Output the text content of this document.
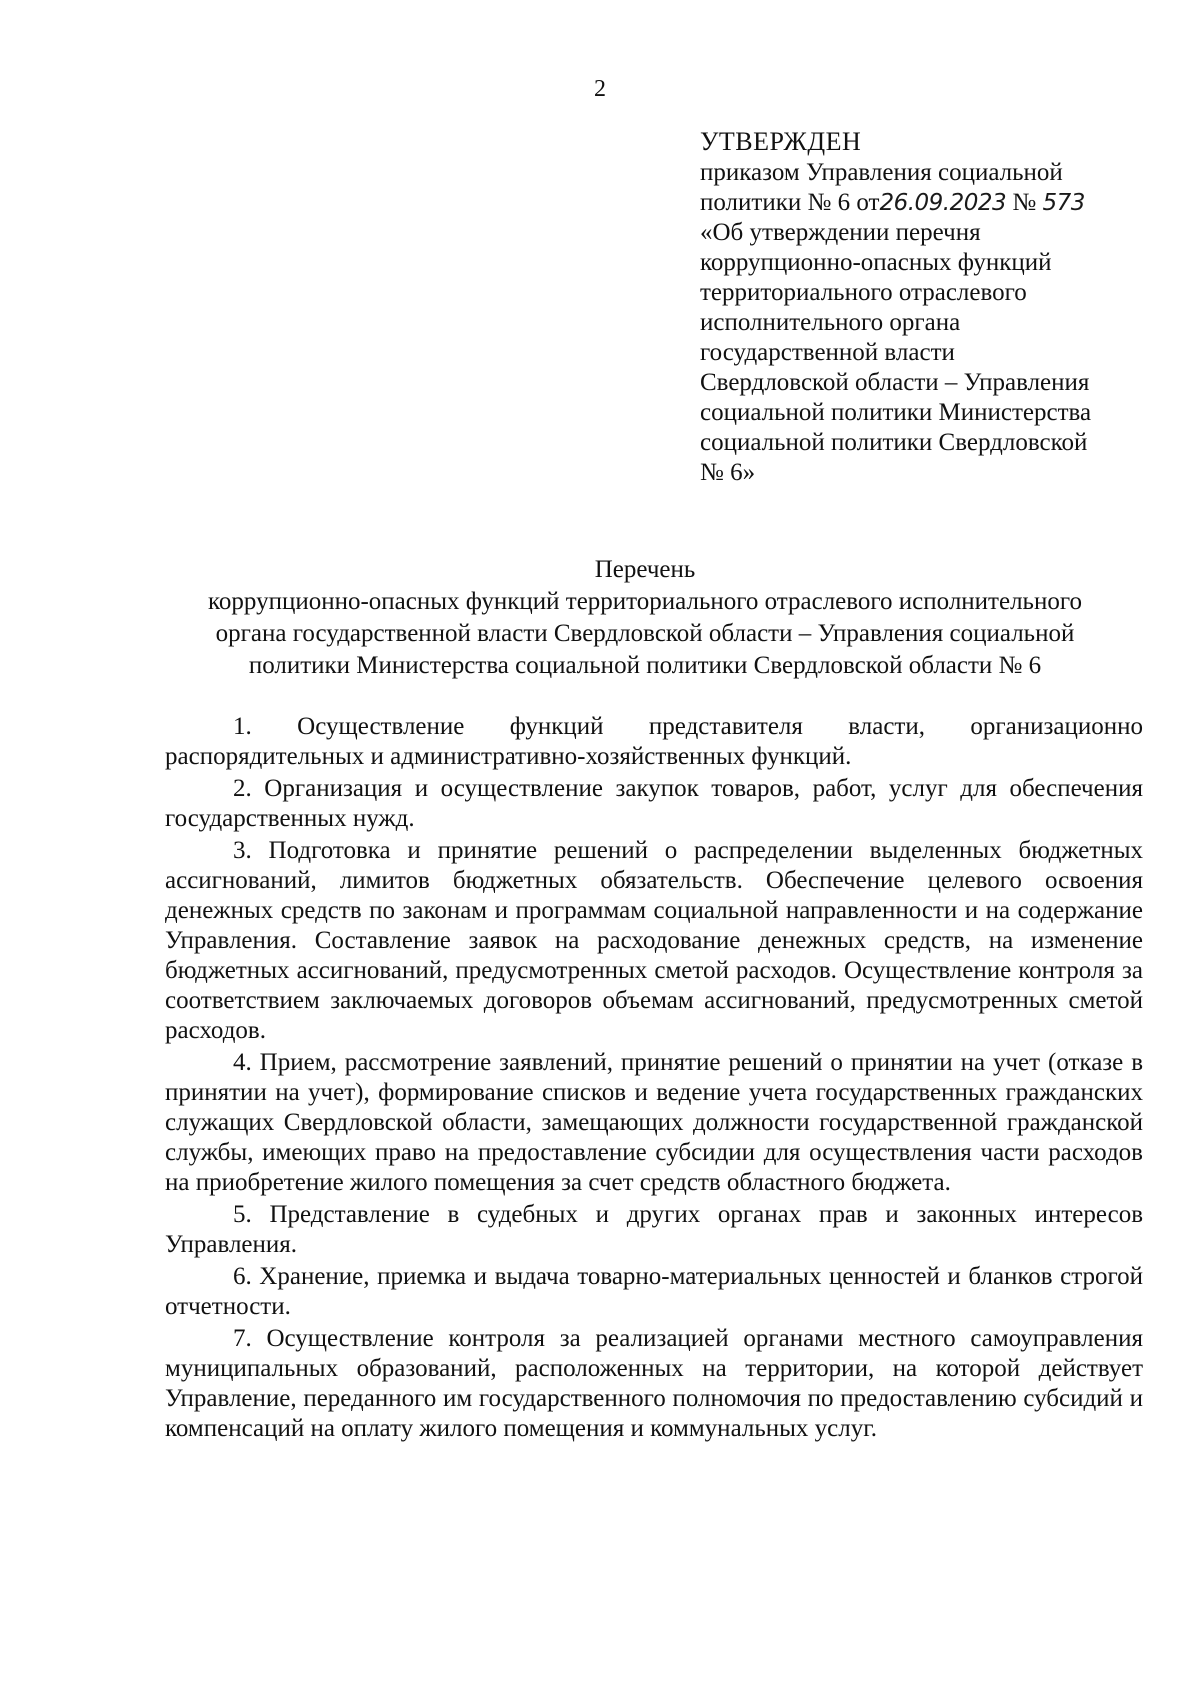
2
УТВЕРЖДЕН
приказом Управления социальной
политики № 6 от26.09.2023 № 573
«Об утверждении перечня
коррупционно-опасных функций
территориального отраслевого
исполнительного органа
государственной власти
Свердловской области – Управления
социальной политики Министерства
социальной политики Свердловской
№ 6»
Перечень
коррупционно-опасных функций территориального отраслевого исполнительного
органа государственной власти Свердловской области – Управления социальной
политики Министерства социальной политики Свердловской области № 6

1. Осуществление функций представителя власти, организационно распорядительных и административно-хозяйственных функций.

2. Организация и осуществление закупок товаров, работ, услуг для обеспечения государственных нужд.

3. Подготовка и принятие решений о распределении выделенных бюджетных ассигнований, лимитов бюджетных обязательств. Обеспечение целевого освоения денежных средств по законам и программам социальной направленности и на содержание Управления. Составление заявок на расходование денежных средств, на изменение бюджетных ассигнований, предусмотренных сметой расходов. Осуществление контроля за соответствием заключаемых договоров объемам ассигнований, предусмотренных сметой расходов.

4. Прием, рассмотрение заявлений, принятие решений о принятии на учет (отказе в принятии на учет), формирование списков и ведение учета государственных гражданских служащих Свердловской области, замещающих должности государственной гражданской службы, имеющих право на предоставление субсидии для осуществления части расходов на приобретение жилого помещения за счет средств областного бюджета.

5. Представление в судебных и других органах прав и законных интересов Управления.

6. Хранение, приемка и выдача товарно-материальных ценностей и бланков строгой отчетности.

7. Осуществление контроля за реализацией органами местного самоуправления муниципальных образований, расположенных на территории, на которой действует Управление, переданного им государственного полномочия по предоставлению субсидий и компенсаций на оплату жилого помещения и коммунальных услуг.
